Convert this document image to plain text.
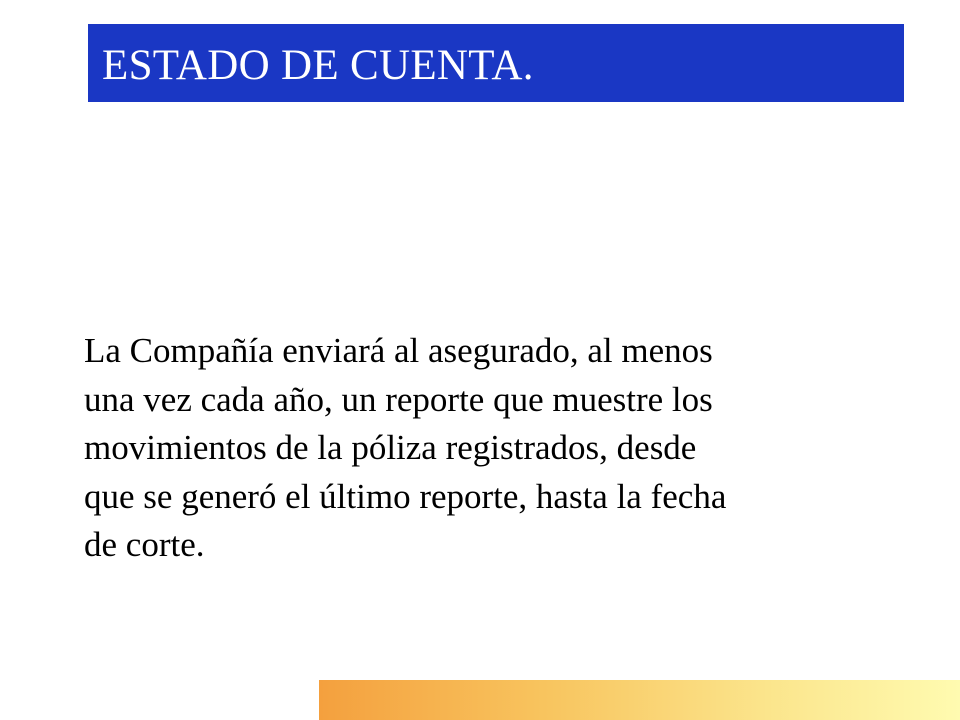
ESTADO DE CUENTA.

La Compañía enviará al asegurado, al menos
una vez cada año, un reporte que muestre los
movimientos de la póliza registrados, desde
que se generó el último reporte, hasta la fecha
de corte.
